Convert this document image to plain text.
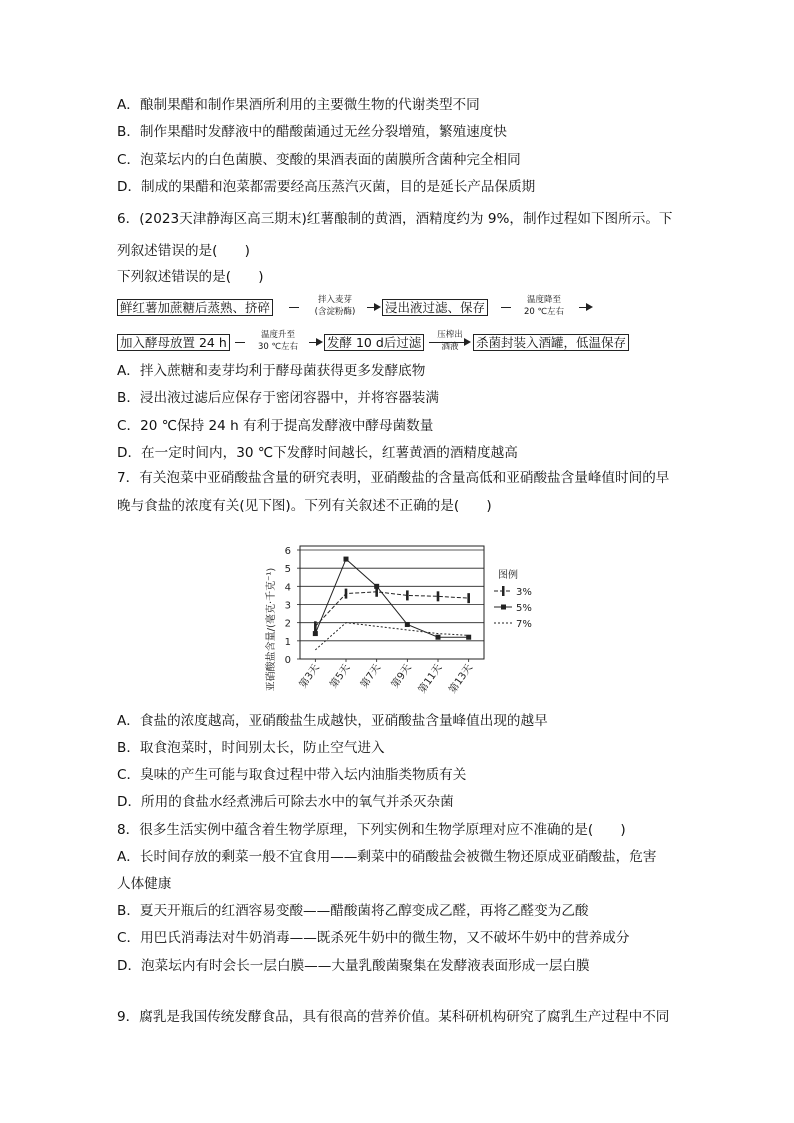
A．酿制果醋和制作果酒所利用的主要微生物的代谢类型不同
B．制作果醋时发酵液中的醋酸菌通过无丝分裂增殖，繁殖速度快
C．泡菜坛内的白色菌膜、变酸的果酒表面的菌膜所含菌种完全相同
D．制成的果醋和泡菜都需要经高压蒸汽灭菌，目的是延长产品保质期
6．(2023天津静海区高三期末)红薯酿制的黄酒，酒精度约为 9%，制作过程如下图所示。下
列叙述错误的是(　　)
下列叙述错误的是(　　)
鲜红薯加蔗糖后蒸熟、挤碎	拌入麦芽
(含淀粉酶)	浸出液过滤、保存	温度降至
20 ℃左右
加入酵母放置 24 h	温度升至
30 ℃左右	发酵 10 d后过滤	压榨出
酒液	杀菌封装入酒罐，低温保存
A．拌入蔗糖和麦芽均利于酵母菌获得更多发酵底物
B．浸出液过滤后应保存于密闭容器中，并将容器装满
C．20 ℃保持 24 h 有利于提高发酵液中酵母菌数量
D．在一定时间内，30 ℃下发酵时间越长，红薯黄酒的酒精度越高
7．有关泡菜中亚硝酸盐含量的研究表明，亚硝酸盐的含量高低和亚硝酸盐含量峰值时间的早
晚与食盐的浓度有关(见下图)。下列有关叙述不正确的是(　　)
0
1
2
3
4
5
6
第3天 第5天 第7天 第9天 第11天 第13天
亚硝酸盐含量/(毫克·千克⁻¹)	图例
3%
5%
7%
A．食盐的浓度越高，亚硝酸盐生成越快，亚硝酸盐含量峰值出现的越早
B．取食泡菜时，时间别太长，防止空气进入
C．臭味的产生可能与取食过程中带入坛内油脂类物质有关
D．所用的食盐水经煮沸后可除去水中的氧气并杀灭杂菌
8．很多生活实例中蕴含着生物学原理，下列实例和生物学原理对应不准确的是(　　)
A．长时间存放的剩菜一般不宜食用——剩菜中的硝酸盐会被微生物还原成亚硝酸盐，危害
人体健康
B．夏天开瓶后的红酒容易变酸——醋酸菌将乙醇变成乙醛，再将乙醛变为乙酸
C．用巴氏消毒法对牛奶消毒——既杀死牛奶中的微生物，又不破坏牛奶中的营养成分
D．泡菜坛内有时会长一层白膜——大量乳酸菌聚集在发酵液表面形成一层白膜
9．腐乳是我国传统发酵食品，具有很高的营养价值。某科研机构研究了腐乳生产过程中不同
